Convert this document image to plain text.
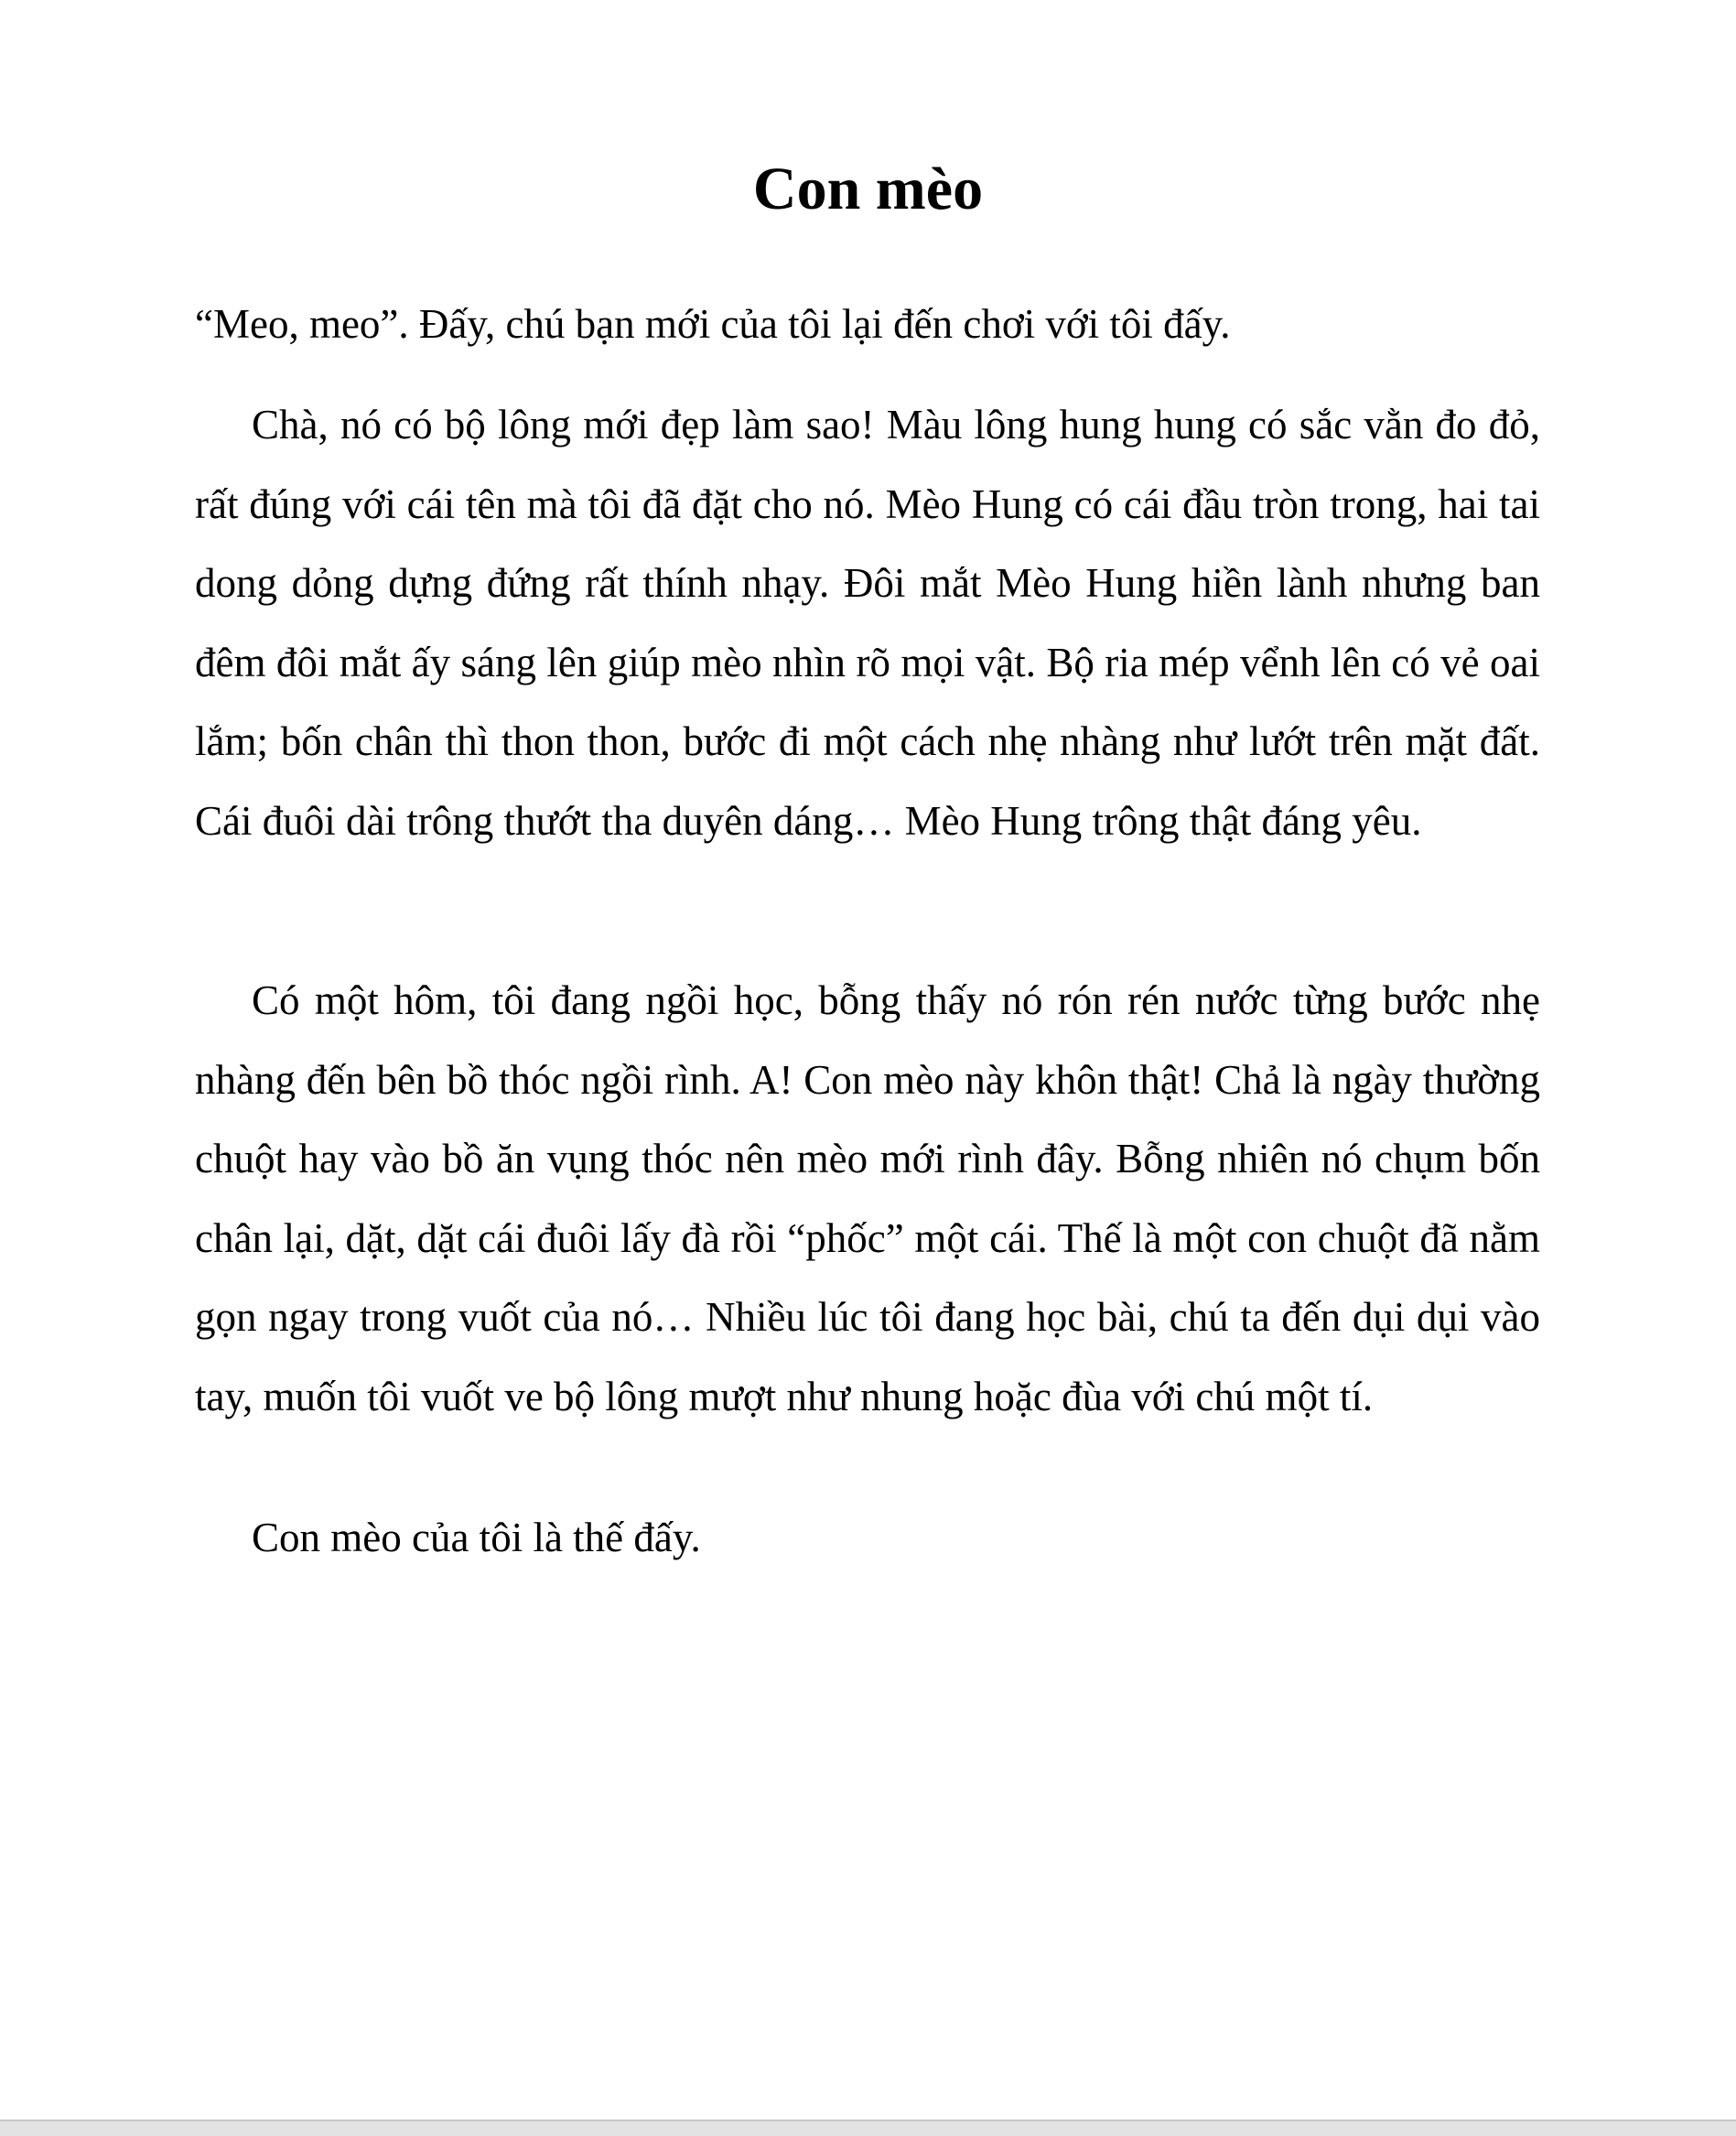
Con mèo

“Meo, meo”. Đấy, chú bạn mới của tôi lại đến chơi với tôi đấy.

Chà, nó có bộ lông mới đẹp làm sao! Màu lông hung hung có sắc vằn đo đỏ, rất đúng với cái tên mà tôi đã đặt cho nó. Mèo Hung có cái đầu tròn trong, hai tai dong dỏng dựng đứng rất thính nhạy. Đôi mắt Mèo Hung hiền lành nhưng ban đêm đôi mắt ấy sáng lên giúp mèo nhìn rõ mọi vật. Bộ ria mép vểnh lên có vẻ oai lắm; bốn chân thì thon thon, bước đi một cách nhẹ nhàng như lướt trên mặt đất. Cái đuôi dài trông thướt tha duyên dáng… Mèo Hung trông thật đáng yêu.

Có một hôm, tôi đang ngồi học, bỗng thấy nó rón rén nước từng bước nhẹ nhàng đến bên bồ thóc ngồi rình. A! Con mèo này khôn thật! Chả là ngày thường chuột hay vào bồ ăn vụng thóc nên mèo mới rình đây. Bỗng nhiên nó chụm bốn chân lại, dặt, dặt cái đuôi lấy đà rồi “phốc” một cái. Thế là một con chuột đã nằm gọn ngay trong vuốt của nó… Nhiều lúc tôi đang học bài, chú ta đến dụi dụi vào tay, muốn tôi vuốt ve bộ lông mượt như nhung hoặc đùa với chú một tí.

Con mèo của tôi là thế đấy.
